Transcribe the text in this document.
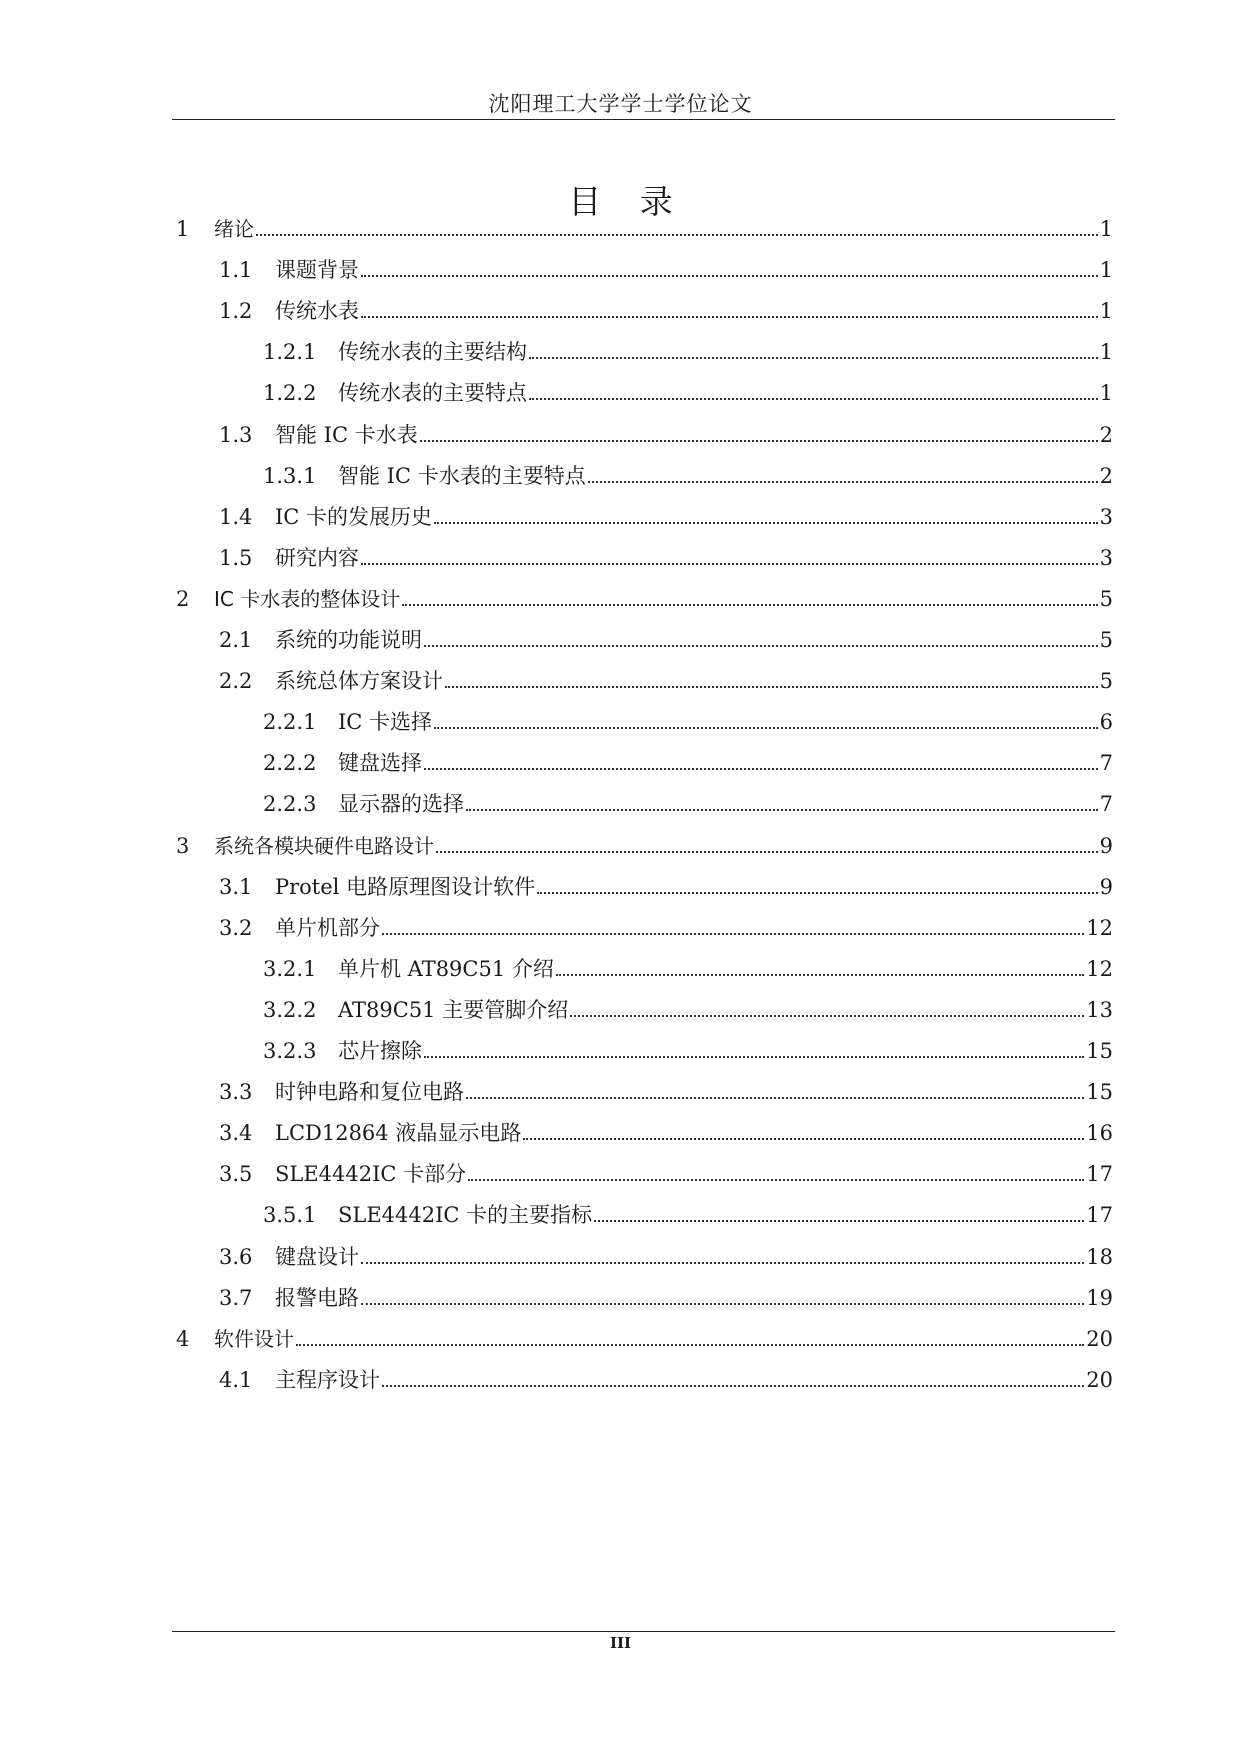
沈阳理工大学学士学位论文
目 录
1	绪论	1
1.1	课题背景	1
1.2	传统水表	1
1.2.1	传统水表的主要结构	1
1.2.2	传统水表的主要特点	1
1.3	智能 IC 卡水表	2
1.3.1	智能 IC 卡水表的主要特点	2
1.4	IC 卡的发展历史	3
1.5	研究内容	3
2	IC 卡水表的整体设计	5
2.1	系统的功能说明	5
2.2	系统总体方案设计	5
2.2.1	IC 卡选择	6
2.2.2	键盘选择	7
2.2.3	显示器的选择	7
3	系统各模块硬件电路设计	9
3.1	Protel 电路原理图设计软件	9
3.2	单片机部分	12
3.2.1	单片机 AT89C51 介绍	12
3.2.2	AT89C51 主要管脚介绍	13
3.2.3	芯片擦除	15
3.3	时钟电路和复位电路	15
3.4	LCD12864 液晶显示电路	16
3.5	SLE4442IC 卡部分	17
3.5.1	SLE4442IC 卡的主要指标	17
3.6	键盘设计	18
3.7	报警电路	19
4	软件设计	20
4.1	主程序设计	20
III
